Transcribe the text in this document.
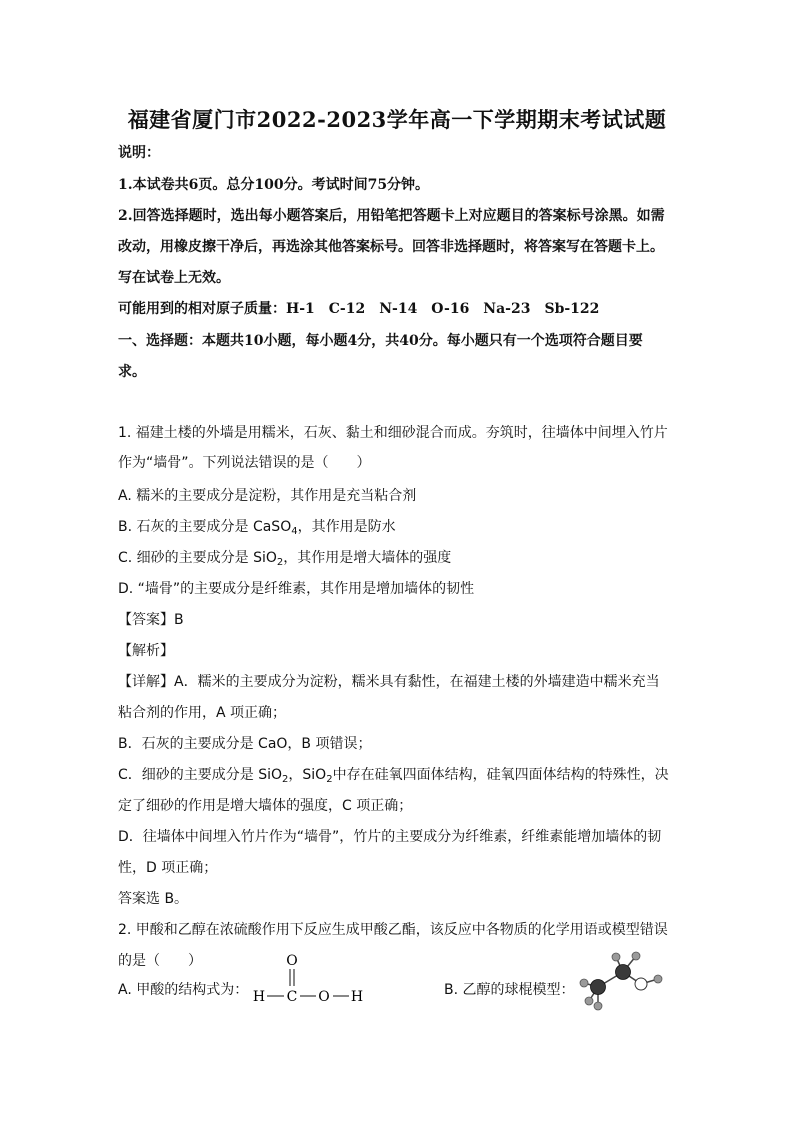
福建省厦门市2022-2023学年高一下学期期末考试试题
说明：
1.本试卷共6页。总分100分。考试时间75分钟。
2.回答选择题时，选出每小题答案后，用铅笔把答题卡上对应题目的答案标号涂黑。如需
改动，用橡皮擦干净后，再选涂其他答案标号。回答非选择题时，将答案写在答题卡上。
写在试卷上无效。
可能用到的相对原子质量：H-1　C-12　N-14　O-16　Na-23　Sb-122
一、选择题：本题共10小题，每小题4分，共40分。每小题只有一个选项符合题目要
求。
1. 福建土楼的外墙是用糯米，石灰、黏土和细砂混合而成。夯筑时，往墙体中间埋入竹片
作为“墙骨”。下列说法错误的是（　　）
A. 糯米的主要成分是淀粉，其作用是充当粘合剂
B. 石灰的主要成分是 CaSO$_4$，其作用是防水
C. 细砂的主要成分是 SiO$_2$，其作用是增大墙体的强度
D. “墙骨”的主要成分是纤维素，其作用是增加墙体的韧性
【答案】B
【解析】
【详解】A．糯米的主要成分为淀粉，糯米具有黏性，在福建土楼的外墙建造中糯米充当
粘合剂的作用，A 项正确；
B．石灰的主要成分是 CaO，B 项错误；
C．细砂的主要成分是 SiO$_2$，SiO$_2$中存在硅氧四面体结构，硅氧四面体结构的特殊性，决
定了细砂的作用是增大墙体的强度，C 项正确；
D．往墙体中间埋入竹片作为“墙骨”，竹片的主要成分为纤维素，纤维素能增加墙体的韧
性，D 项正确；
答案选 B。
2. 甲酸和乙醇在浓硫酸作用下反应生成甲酸乙酯，该反应中各物质的化学用语或模型错误
的是（　　）
A. 甲酸的结构式为：	B. 乙醇的球棍模型：
O
H C O H
